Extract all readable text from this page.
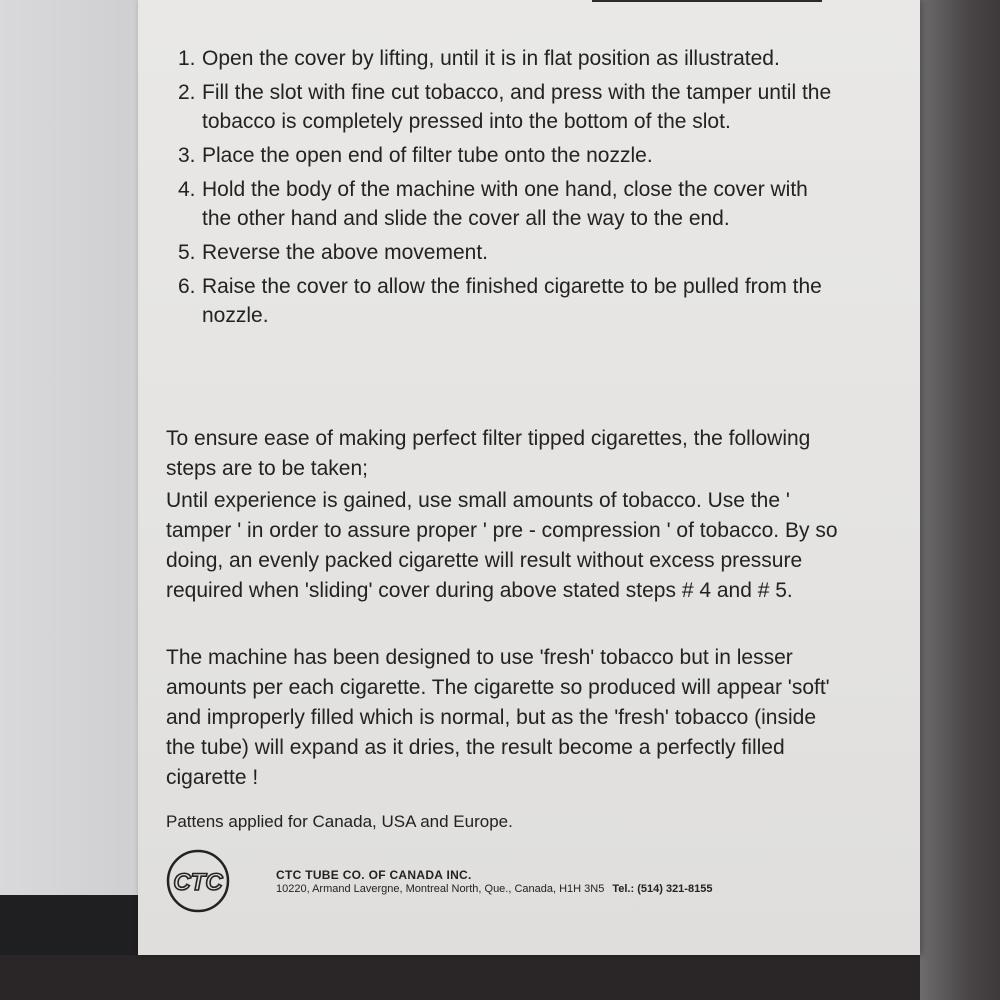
1. Open the cover by lifting, until it is in flat position as illustrated.
2. Fill the slot with fine cut tobacco, and press with the tamper until the tobacco is completely pressed into the bottom of the slot.
3. Place the open end of filter tube onto the nozzle.
4. Hold the body of the machine with one hand, close the cover with the other hand and slide the cover all the way to the end.
5. Reverse the above movement.
6. Raise the cover to allow the finished cigarette to be pulled from the nozzle.

To ensure ease of making perfect filter tipped cigarettes, the following steps are to be taken;

Until experience is gained, use small amounts of tobacco. Use the ' tamper ' in order to assure proper ' pre - compression ' of tobacco. By so doing, an evenly packed cigarette will result without excess pressure required when 'sliding' cover during above stated steps # 4 and # 5.

The machine has been designed to use 'fresh' tobacco but in lesser amounts per each cigarette. The cigarette so produced will appear 'soft' and improperly filled which is normal, but as the 'fresh' tobacco (inside the tube) will expand as it dries, the result become a perfectly filled cigarette !

Pattens applied for Canada, USA and Europe.
CTC	CTC TUBE CO. OF CANADA INC.
10220, Armand Lavergne, Montreal North, Que., Canada, H1H 3N5 Tel.: (514) 321-8155
